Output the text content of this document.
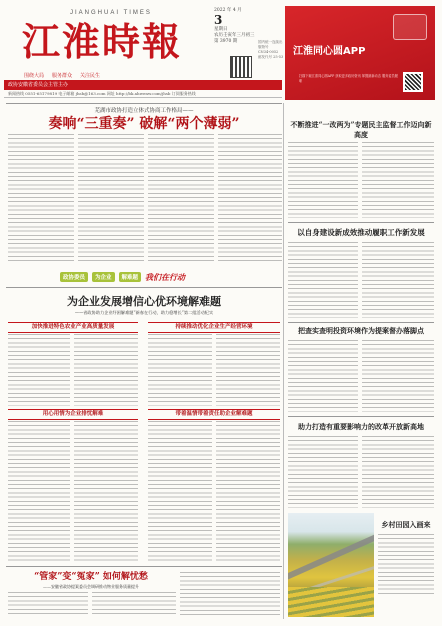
JIANGHUAI TIMES
江淮時報
围绕大局 服务群众 关注民生
2022 年 4 月
3
星期日
农历壬寅年三月初三
第 3970 期	国内统一连续出版物号
CN34-0052
邮发代号 25-53
政协安徽省委员会主管主办
新闻热线 0551-65179819 电子邮箱 jhsb@163.com 网址 http://bk.ahwenw.com/jhsb 订阅服务热线
江淮同心圆APP
扫描下载江淮同心圆APP 获取更多政协资讯 掌握最新动态 服务委员履职
芜湖市政协打造立体式协商工作格局——
奏响“三重奏” 破解“两个薄弱”
政协委员	为企业	解难题 我们在行动
为企业发展增信心优环境解难题
——省政协助力企业纾困解难题“新春在行动，助力稳增长”第二组活动纪实
加快推进特色农业产业高质量发展	持续推动优化企业生产经营环境
用心用情为企业排忧解难	带着温情带着责任助企业解难题
“管家”变“冤家” 如何解忧愁
——安徽省政协提案委员会调研推动物业服务质量提升
不断推进“一改两为”专题民主监督工作迈向新高度
以自身建设新成效推动履职工作新发展
把查实查明投资环境作为提案督办落脚点
助力打造有重要影响力的改革开放新高地
乡村田园入画来
